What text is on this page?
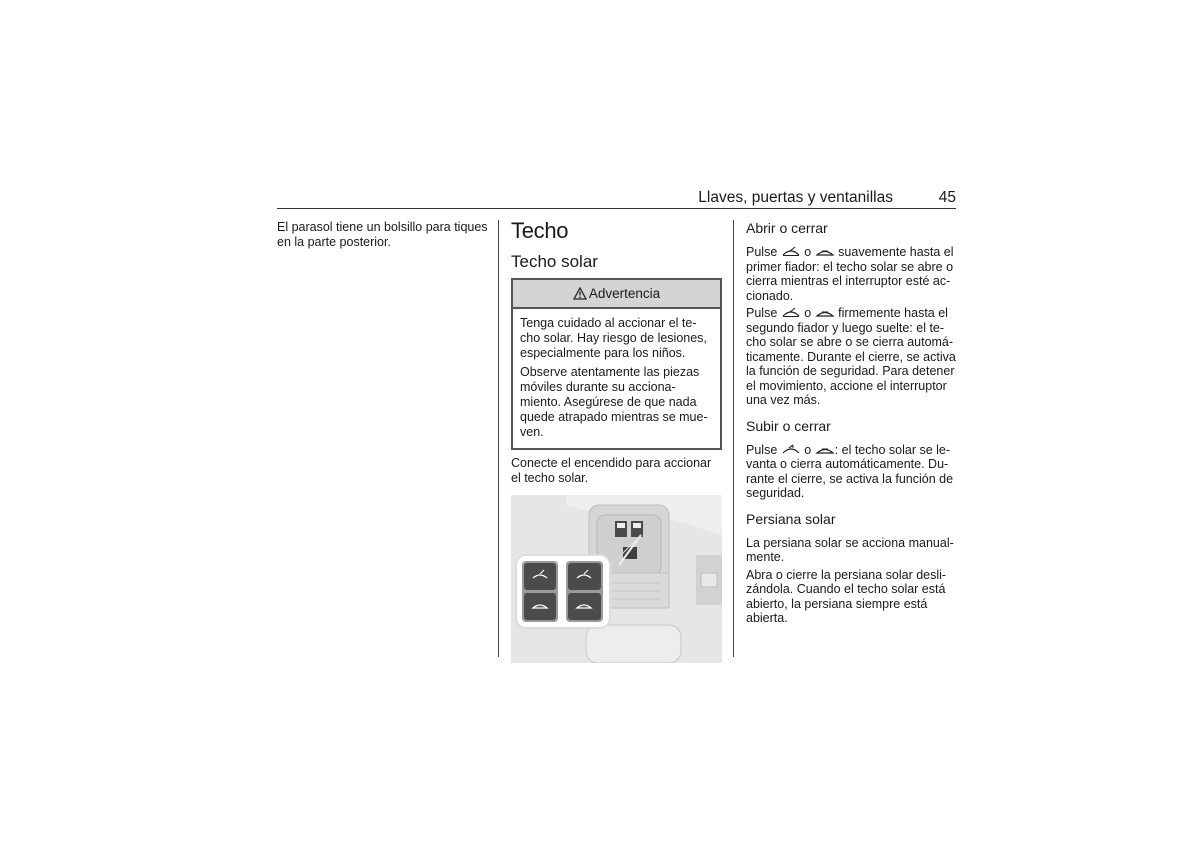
Llaves, puertas y ventanillas	45

El parasol tiene un bolsillo para tiques en la parte posterior.	Techo
Techo solar
Advertencia

Tenga cuidado al accionar el te-cho solar. Hay riesgo de lesiones, especialmente para los niños.

Observe atentamente las piezas móviles durante su acciona-miento. Asegúrese de que nada quede atrapado mientras se mue-ven.

Conecte el encendido para accionar el techo solar.

Abrir o cerrar

Pulse o suavemente hasta el primer fiador: el techo solar se abre o cierra mientras el interruptor esté ac-cionado.

Pulse o firmemente hasta el segundo fiador y luego suelte: el te-cho solar se abre o se cierra automá-ticamente. Durante el cierre, se activa la función de seguridad. Para detener el movimiento, accione el interruptor una vez más.

Subir o cerrar

Pulse o : el techo solar se le-vanta o cierra automáticamente. Du-rante el cierre, se activa la función de seguridad.

Persiana solar

La persiana solar se acciona manual-mente.

Abra o cierre la persiana solar desli-zándola. Cuando el techo solar está abierto, la persiana siempre está abierta.
